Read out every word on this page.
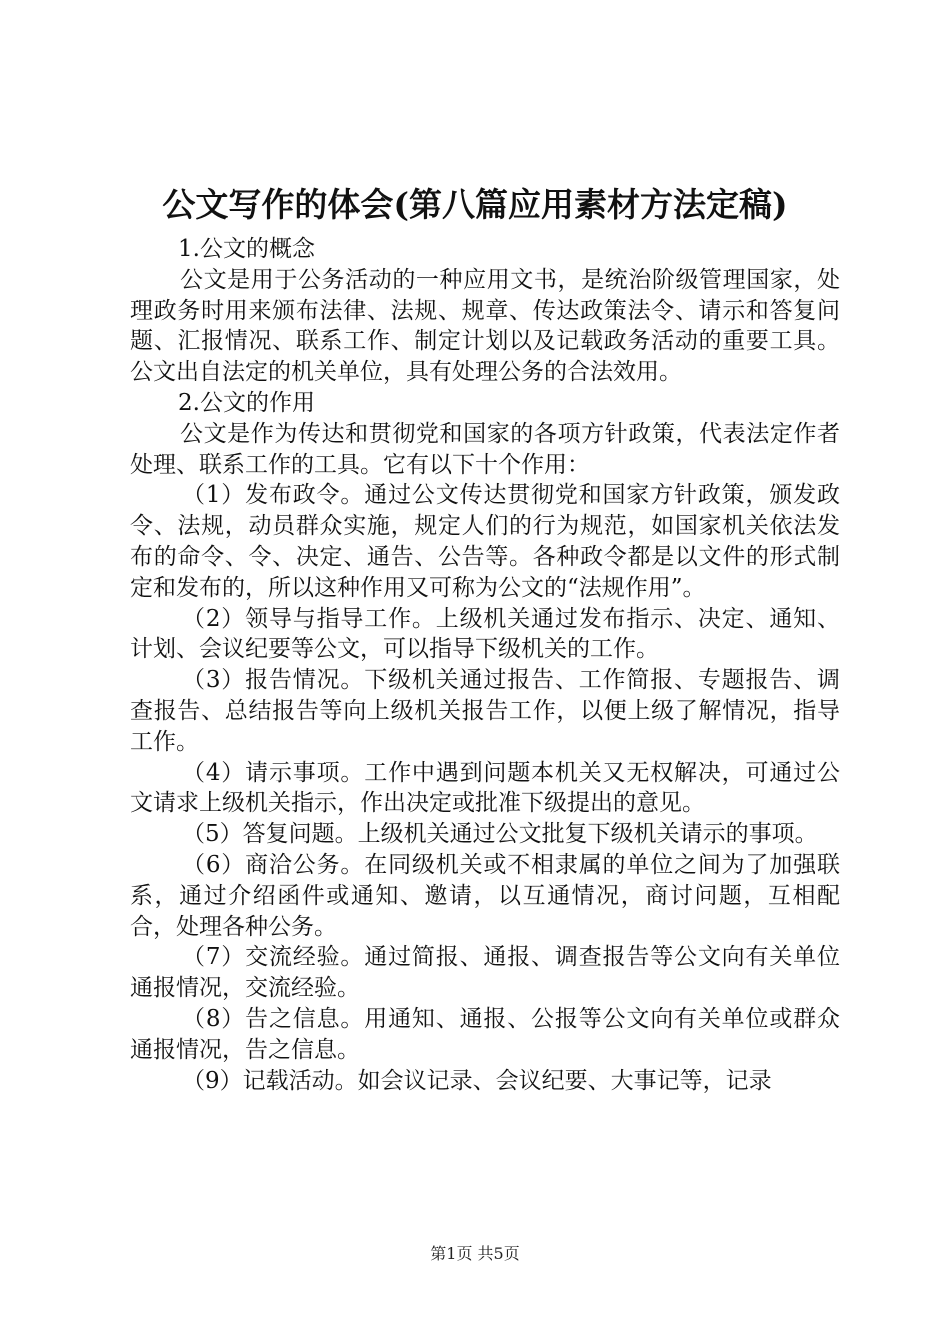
公文写作的体会(第八篇应用素材方法定稿)

1.公文的概念

公文是用于公务活动的一种应用文书，是统治阶级管理国家，处理政务时用来颁布法律、法规、规章、传达政策法令、请示和答复问题、汇报情况、联系工作、制定计划以及记载政务活动的重要工具。公文出自法定的机关单位，具有处理公务的合法效用。

2.公文的作用

公文是作为传达和贯彻党和国家的各项方针政策，代表法定作者处理、联系工作的工具。它有以下十个作用：

（1）发布政令。通过公文传达贯彻党和国家方针政策，颁发政令、法规，动员群众实施，规定人们的行为规范，如国家机关依法发布的命令、令、决定、通告、公告等。各种政令都是以文件的形式制定和发布的，所以这种作用又可称为公文的“法规作用”。

（2）领导与指导工作。上级机关通过发布指示、决定、通知、计划、会议纪要等公文，可以指导下级机关的工作。

（3）报告情况。下级机关通过报告、工作简报、专题报告、调查报告、总结报告等向上级机关报告工作，以便上级了解情况，指导工作。

（4）请示事项。工作中遇到问题本机关又无权解决，可通过公文请求上级机关指示，作出决定或批准下级提出的意见。

（5）答复问题。上级机关通过公文批复下级机关请示的事项。

（6）商洽公务。在同级机关或不相隶属的单位之间为了加强联系，通过介绍函件或通知、邀请，以互通情况，商讨问题，互相配合，处理各种公务。

（7）交流经验。通过简报、通报、调查报告等公文向有关单位通报情况，交流经验。

（8）告之信息。用通知、通报、公报等公文向有关单位或群众通报情况，告之信息。

（9）记载活动。如会议记录、会议纪要、大事记等，记录

第1页 共5页
